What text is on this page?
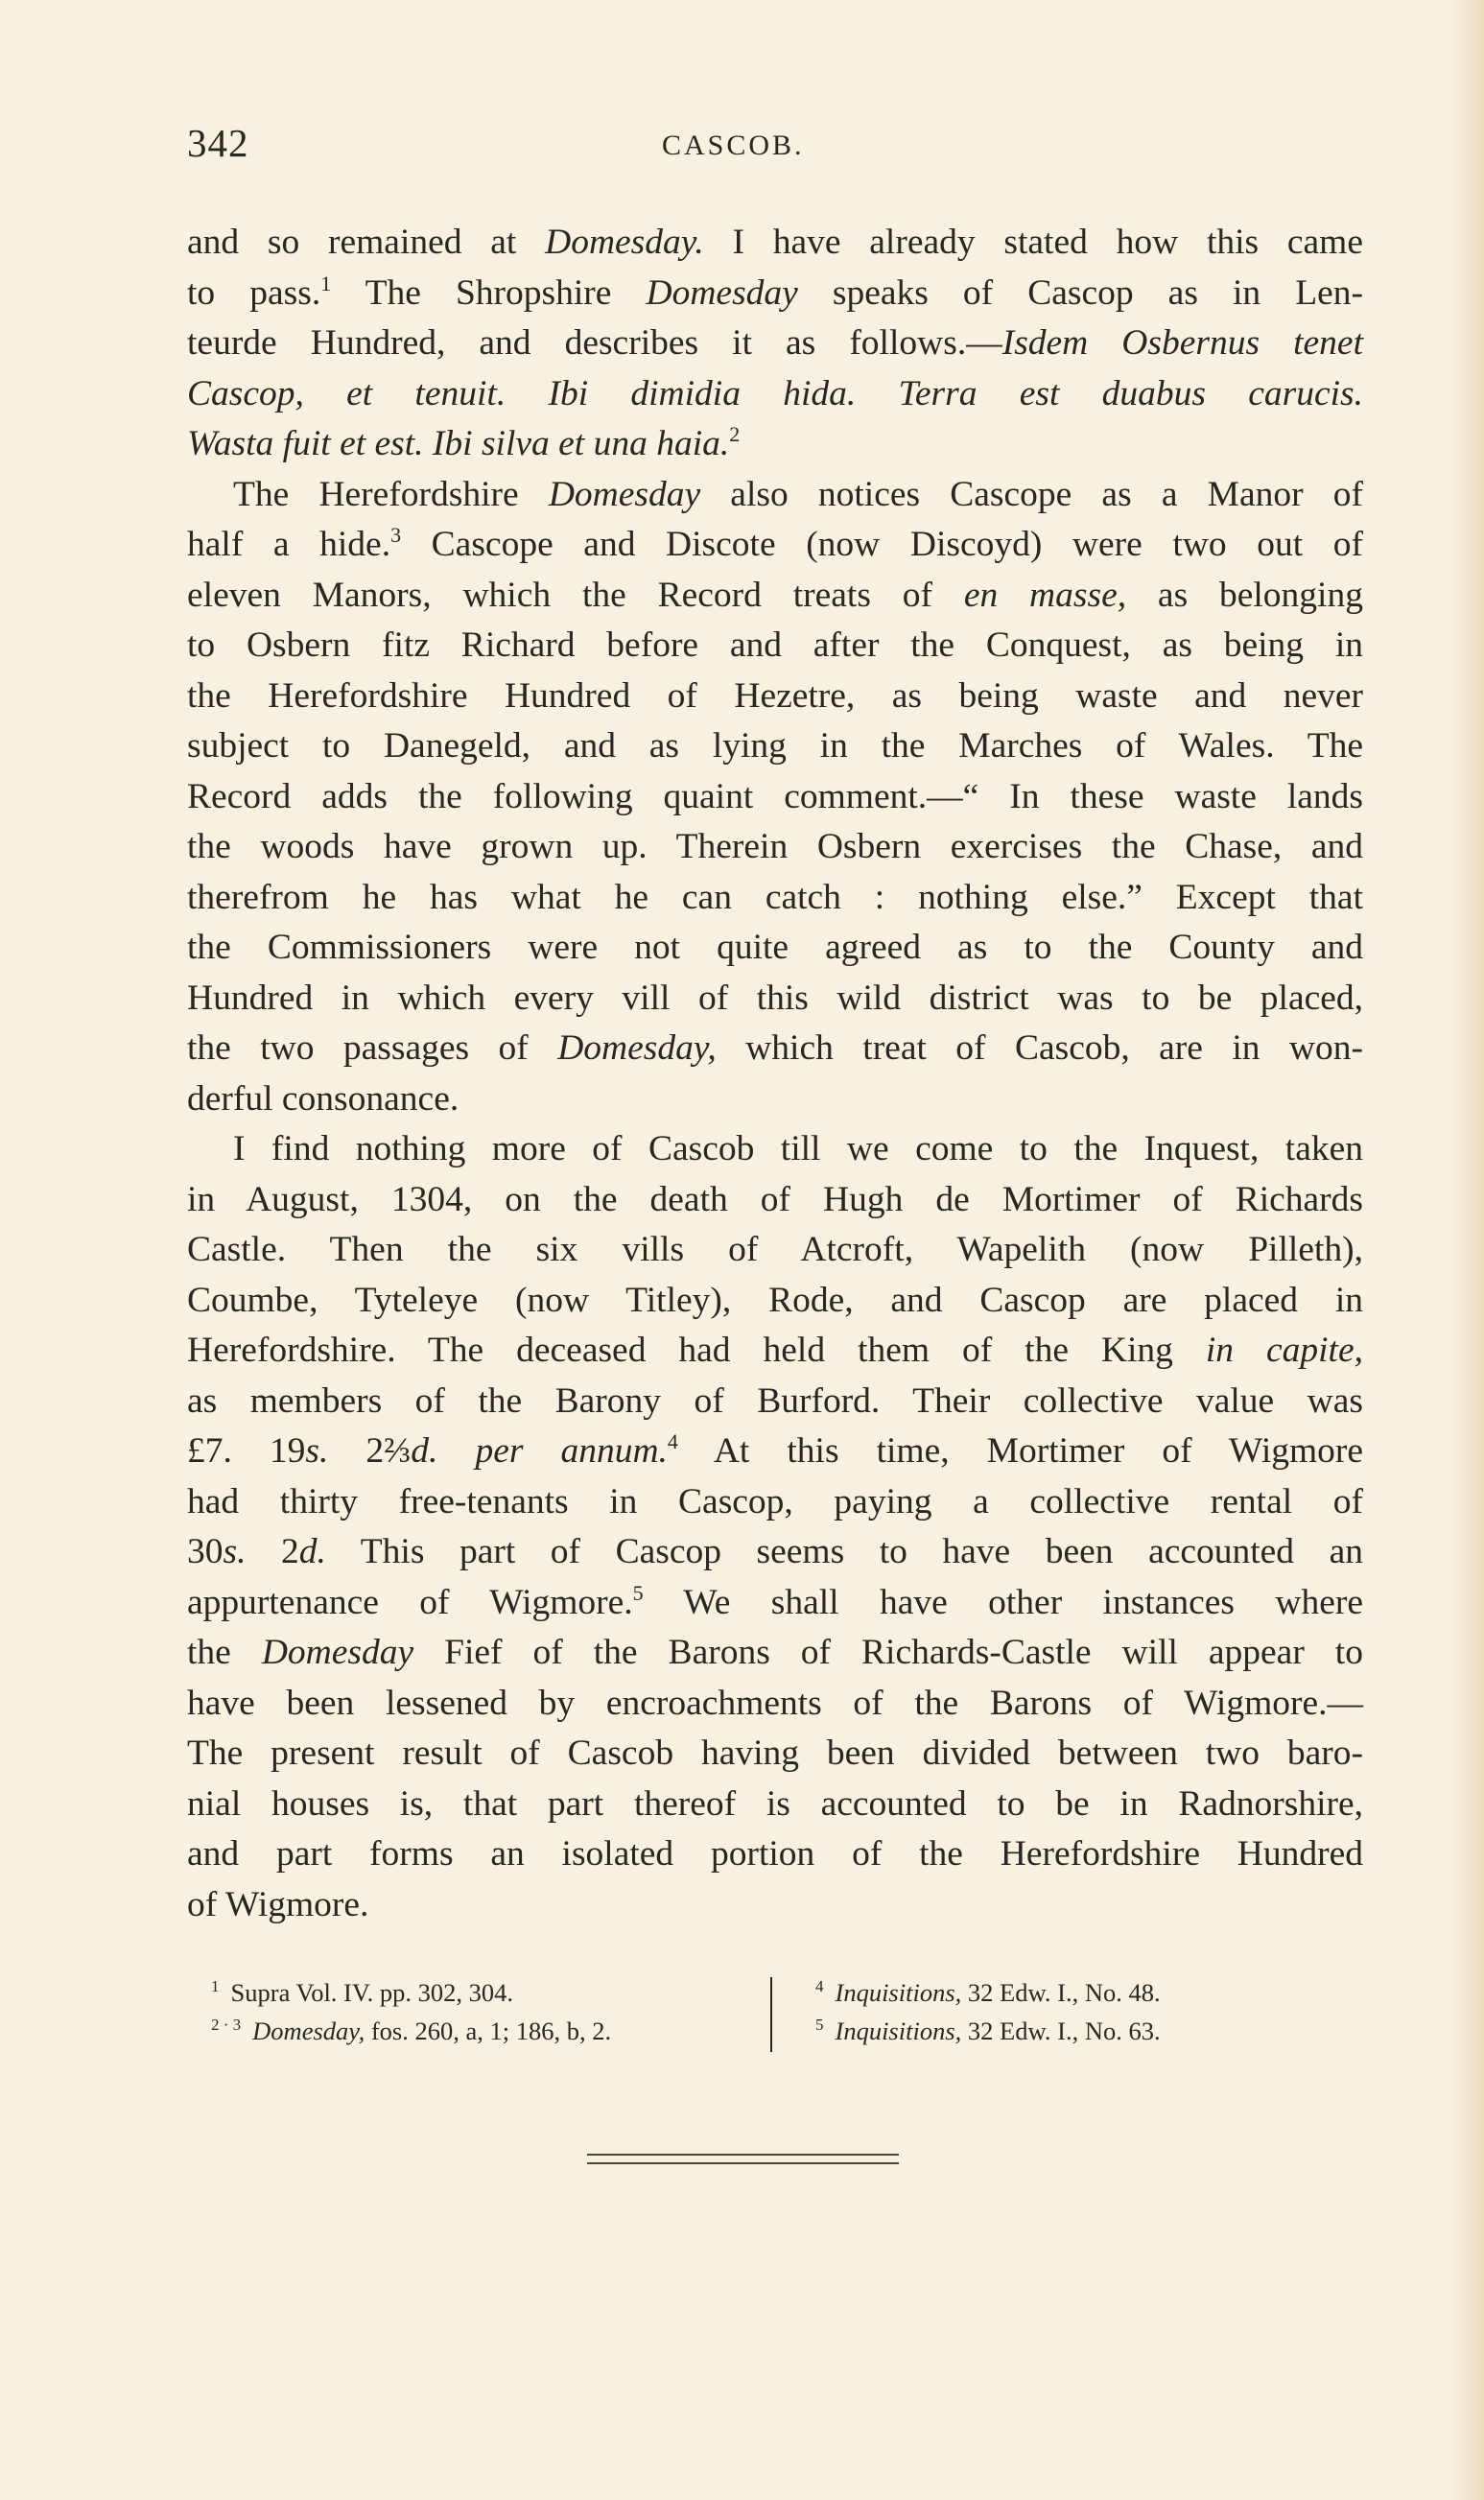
342	CASCOB.
and so remained at Domesday. I have already stated how this came
to pass.$^1$ The Shropshire Domesday speaks of Cascop as in Len-
teurde Hundred, and describes it as follows.—Isdem Osbernus tenet
Cascop, et tenuit. Ibi dimidia hida. Terra est duabus carucis.
Wasta fuit et est. Ibi silva et una haia.$^2$
The Herefordshire Domesday also notices Cascope as a Manor of
half a hide.$^3$ Cascope and Discote (now Discoyd) were two out of
eleven Manors, which the Record treats of en masse, as belonging
to Osbern fitz Richard before and after the Conquest, as being in
the Herefordshire Hundred of Hezetre, as being waste and never
subject to Danegeld, and as lying in the Marches of Wales. The
Record adds the following quaint comment.—“ In these waste lands
the woods have grown up. Therein Osbern exercises the Chase, and
therefrom he has what he can catch : nothing else.” Except that
the Commissioners were not quite agreed as to the County and
Hundred in which every vill of this wild district was to be placed,
the two passages of Domesday, which treat of Cascob, are in won-
derful consonance.
I find nothing more of Cascob till we come to the Inquest, taken
in August, 1304, on the death of Hugh de Mortimer of Richards
Castle. Then the six vills of Atcroft, Wapelith (now Pilleth),
Coumbe, Tyteleye (now Titley), Rode, and Cascop are placed in
Herefordshire. The deceased had held them of the King in capite,
as members of the Barony of Burford. Their collective value was
£7. 19s. 2⅔d. per annum.$^4$ At this time, Mortimer of Wigmore
had thirty free-tenants in Cascop, paying a collective rental of
30s. 2d. This part of Cascop seems to have been accounted an
appurtenance of Wigmore.$^5$ We shall have other instances where
the Domesday Fief of the Barons of Richards-Castle will appear to
have been lessened by encroachments of the Barons of Wigmore.—
The present result of Cascob having been divided between two baro-
nial houses is, that part thereof is accounted to be in Radnorshire,
and part forms an isolated portion of the Herefordshire Hundred
of Wigmore.
$^1$ Supra Vol. IV. pp. 302, 304.
$^{2 \cdot 3}$ Domesday, fos. 260, a, 1; 186, b, 2.
$^4$ Inquisitions, 32 Edw. I., No. 48.
$^5$ Inquisitions, 32 Edw. I., No. 63.
